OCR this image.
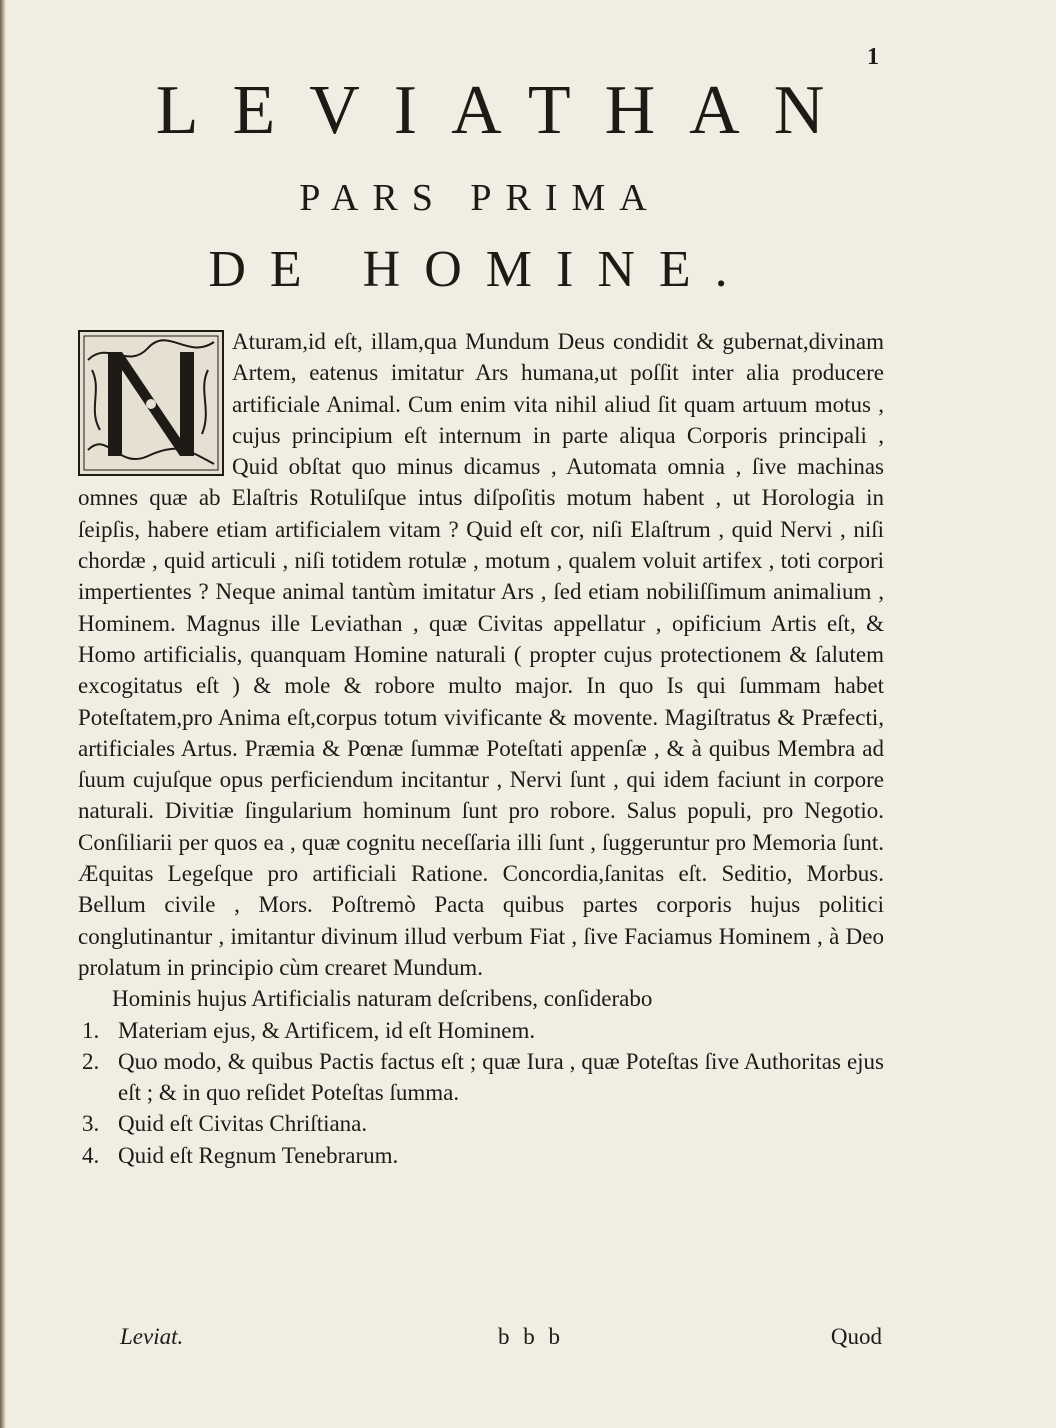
1
LEVIATHAN
PARS PRIMA
DE HOMINE.

Aturam,id eſt, illam,qua Mundum Deus condidit & gubernat,divinam Artem, eatenus imitatur Ars humana,ut poſſit inter alia producere artificiale Animal. Cum enim vita nihil aliud ſit quam artuum motus , cujus principium eſt internum in parte aliqua Corporis principali , Quid obſtat quo minus dicamus , Automata omnia , ſive machinas omnes quæ ab Elaſtris Rotuliſque intus diſpoſitis motum habent , ut Horologia in ſeipſis, habere etiam artificialem vitam ? Quid eſt cor, niſi Elaſtrum , quid Nervi , niſi chordæ , quid articuli , niſi totidem rotulæ , motum , qualem voluit artifex , toti corpori impertientes ? Neque animal tantùm imitatur Ars , ſed etiam nobiliſſimum animalium , Hominem. Magnus ille Leviathan , quæ Civitas appellatur , opificium Artis eſt, & Homo artificialis, quanquam Homine naturali ( propter cujus protectionem & ſalutem excogitatus eſt ) & mole & robore multo major. In quo Is qui ſummam habet Poteſtatem,pro Anima eſt,corpus totum vivificante & movente. Magiſtratus & Præfecti, artificiales Artus. Præmia & Pœnæ ſummæ Poteſtati appenſæ , & à quibus Membra ad ſuum cujuſque opus perficiendum incitantur , Nervi ſunt , qui idem faciunt in corpore naturali. Divitiæ ſingularium hominum ſunt pro robore. Salus populi, pro Negotio. Conſiliarii per quos ea , quæ cognitu neceſſaria illi ſunt , ſuggeruntur pro Memoria ſunt. Æquitas Legeſque pro artificiali Ratione. Concordia,ſanitas eſt. Seditio, Morbus. Bellum civile , Mors. Poſtremò Pacta quibus partes corporis hujus politici conglutinantur , imitantur divinum illud verbum Fiat , ſive Faciamus Hominem , à Deo prolatum in principio cùm crearet Mundum.

Hominis hujus Artificialis naturam deſcribens, conſiderabo

1. Materiam ejus, & Artificem, id eſt Hominem.
2. Quo modo, & quibus Pactis factus eſt ; quæ Iura , quæ Poteſtas ſive Authoritas ejus eſt ; & in quo reſidet Poteſtas ſumma.
3. Quid eſt Civitas Chriſtiana.
4. Quid eſt Regnum Tenebrarum.
Leviat.	b b b	Quod
